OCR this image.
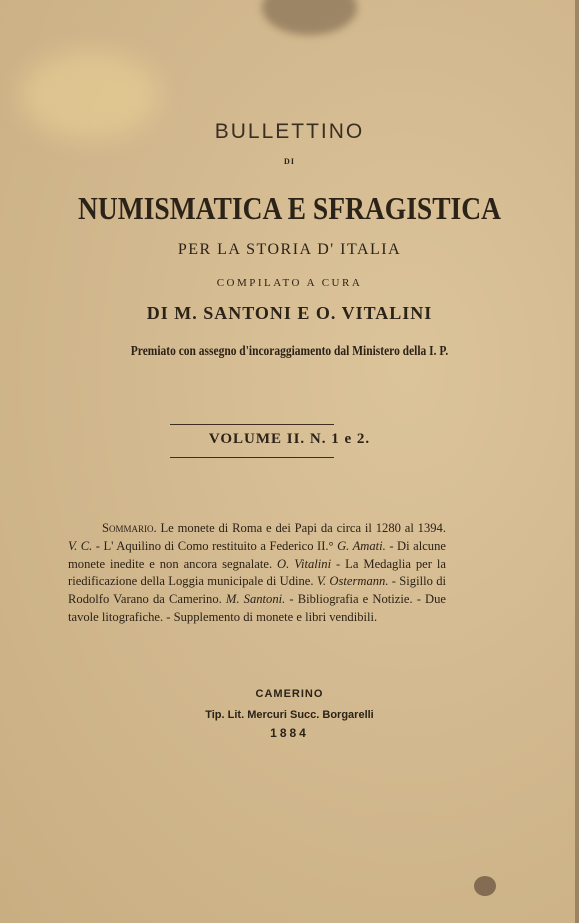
BULLETTINO
DI
NUMISMATICA E SFRAGISTICA
PER LA STORIA D' ITALIA
COMPILATO A CURA
DI M. SANTONI E O. VITALINI
Premiato con assegno d'incoraggiamento dal Ministero della I. P.
VOLUME II. N. 1 e 2.
Sommario. Le monete di Roma e dei Papi da circa il 1280 al 1394. V. C. - L' Aquilino di Como restituito a Federico II.° G. Amati. - Di alcune monete inedite e non ancora segnalate. O. Vitalini - La Medaglia per la riedificazione della Loggia municipale di Udine. V. Ostermann. - Sigillo di Rodolfo Varano da Camerino. M. Santoni. - Bibliografia e Notizie. - Due tavole litografiche. - Supplemento di monete e libri vendibili.
CAMERINO
Tip. Lit. Mercuri Succ. Borgarelli
1884
